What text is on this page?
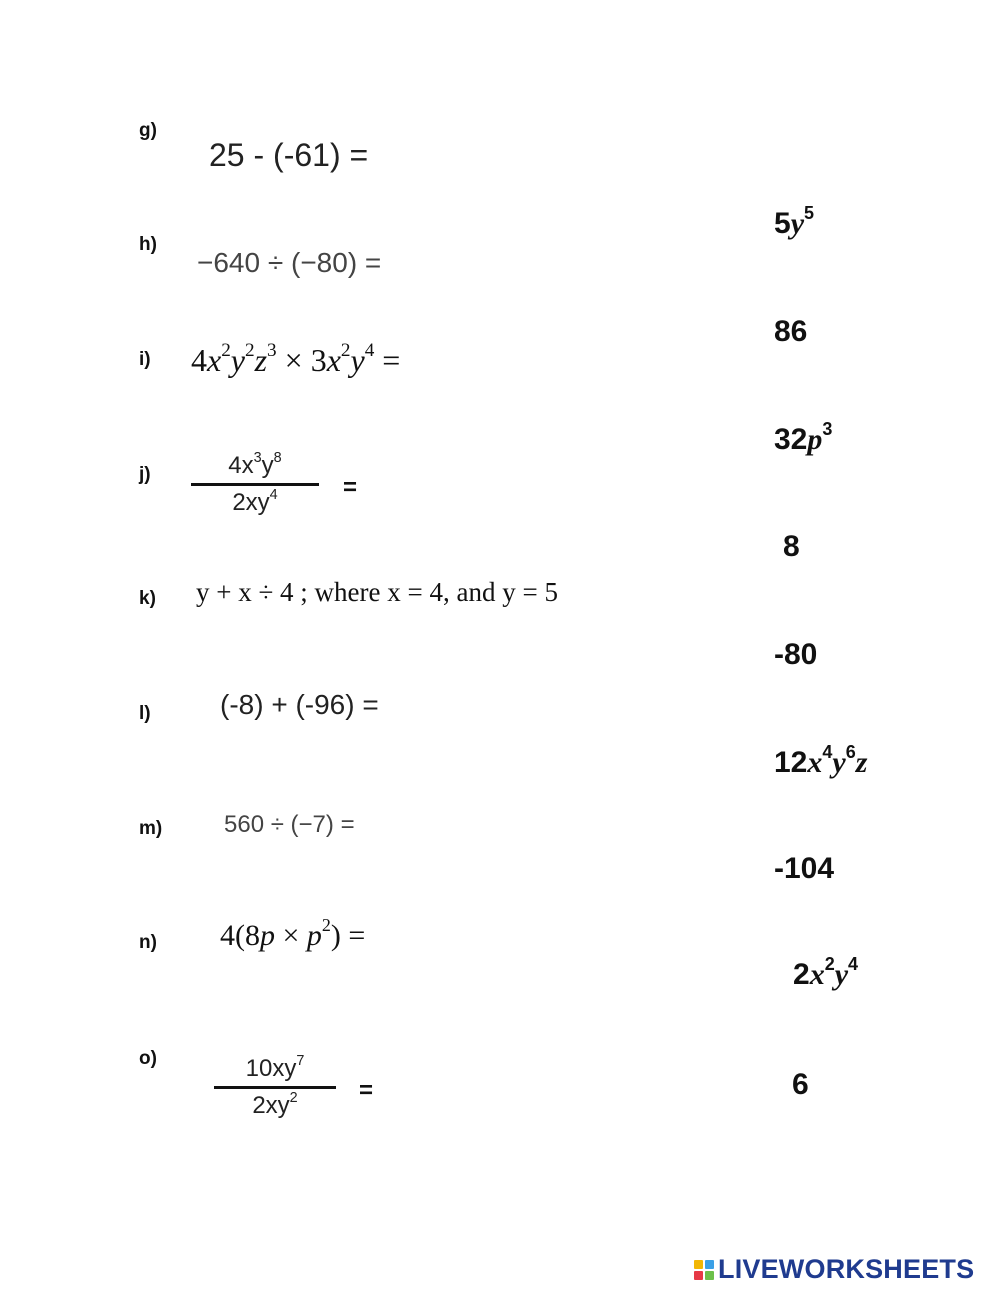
g)
h)
i)
j)
k)
l)
m)
n)
o)
25 - (-61) =
−640 ÷ (−80) =
$4x^2y^2z^3 \times 3x^2y^4$ =
$4x^3y^8$
$2xy^4$	=
y + x ÷ 4 ; where x = 4, and y = 5
(-8) + (-96) =
560 ÷ (−7) =
$4(8p \times p^2)$ =
$10xy^7$
$2xy^2$	=
$5y^5$
86
$32p^3$
8
-80
$12x^4y^6z$
-104
$2x^2y^4$
6
LIVEWORKSHEETS
